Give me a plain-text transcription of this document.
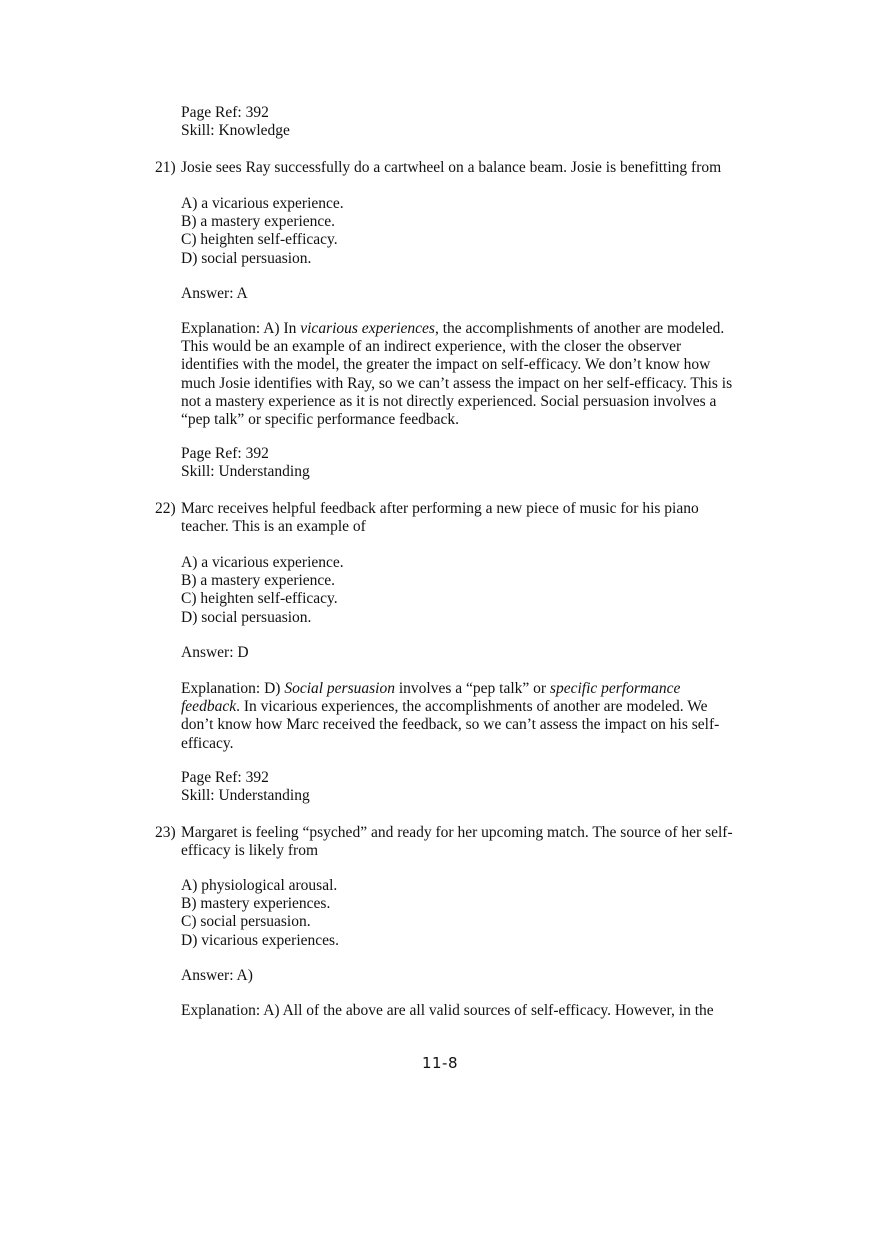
Page Ref: 392
Skill: Knowledge
21) Josie sees Ray successfully do a cartwheel on a balance beam. Josie is benefitting from
A) a vicarious experience.
B) a mastery experience.
C) heighten self-efficacy.
D) social persuasion.
Answer: A
Explanation: A) In vicarious experiences, the accomplishments of another are modeled.
This would be an example of an indirect experience, with the closer the observer
identifies with the model, the greater the impact on self-efficacy. We don’t know how
much Josie identifies with Ray, so we can’t assess the impact on her self-efficacy. This is
not a mastery experience as it is not directly experienced. Social persuasion involves a
“pep talk” or specific performance feedback.
Page Ref: 392
Skill: Understanding
22) Marc receives helpful feedback after performing a new piece of music for his piano
teacher. This is an example of
A) a vicarious experience.
B) a mastery experience.
C) heighten self-efficacy.
D) social persuasion.
Answer: D
Explanation: D) Social persuasion involves a “pep talk” or specific performance
feedback. In vicarious experiences, the accomplishments of another are modeled. We
don’t know how Marc received the feedback, so we can’t assess the impact on his self-
efficacy.
Page Ref: 392
Skill: Understanding
23) Margaret is feeling “psyched” and ready for her upcoming match. The source of her self-
efficacy is likely from
A) physiological arousal.
B) mastery experiences.
C) social persuasion.
D) vicarious experiences.
Answer: A)
Explanation: A) All of the above are all valid sources of self-efficacy. However, in the
11-8
